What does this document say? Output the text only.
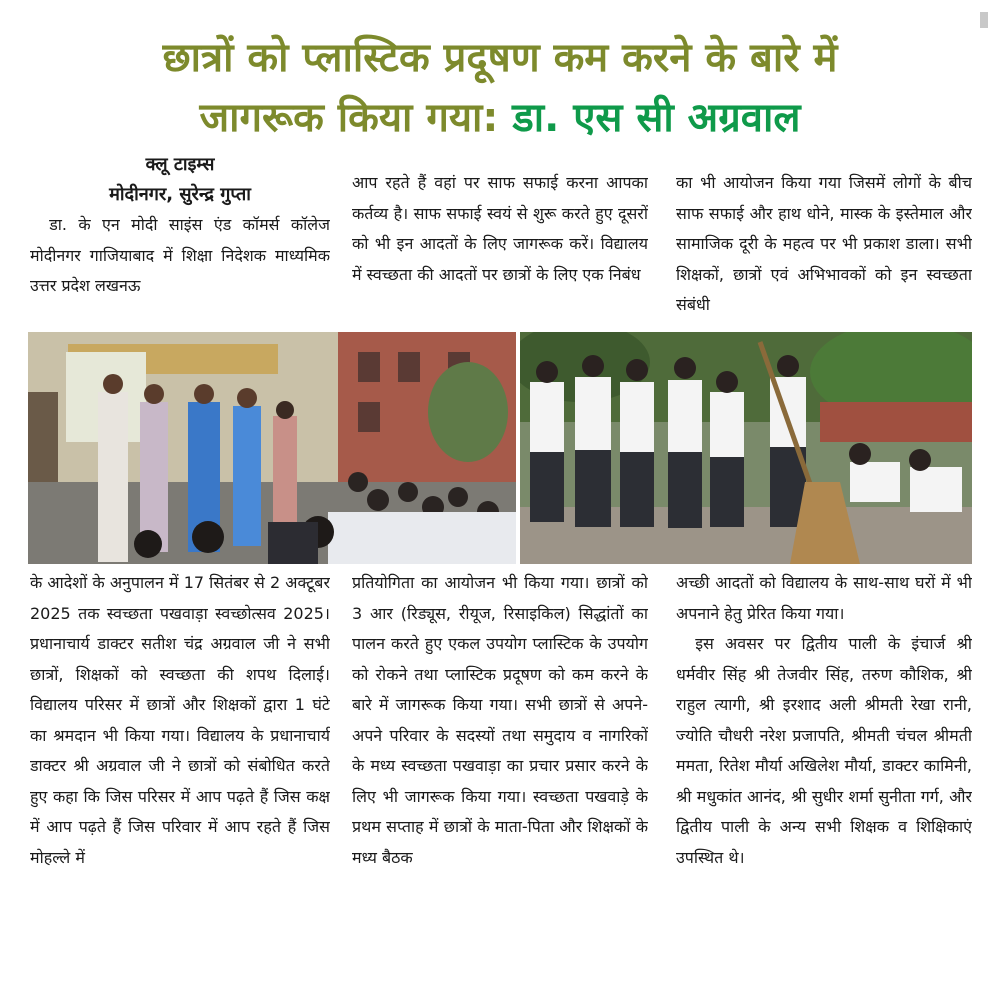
छात्रों को प्लास्टिक प्रदूषण कम करने के बारे में
जागरूक किया गया: डा. एस सी अग्रवाल
क्लू टाइम्स
मोदीनगर, सुरेन्द्र गुप्ता

डा. के एन मोदी साइंस एंड कॉमर्स कॉलेज मोदीनगर गाजियाबाद में शिक्षा निदेशक माध्यमिक उत्तर प्रदेश लखनऊ

आप रहते हैं वहां पर साफ सफाई करना आपका कर्तव्य है। साफ सफाई स्वयं से शुरू करते हुए दूसरों को भी इन आदतों के लिए जागरूक करें। विद्यालय में स्वच्छता की आदतों पर छात्रों के लिए एक निबंध

का भी आयोजन किया गया जिसमें लोगों के बीच साफ सफाई और हाथ धोने, मास्क के इस्तेमाल और सामाजिक दूरी के महत्व पर भी प्रकाश डाला। सभी शिक्षकों, छात्रों एवं अभिभावकों को इन स्वच्छता संबंधी

के आदेशों के अनुपालन में 17 सितंबर से 2 अक्टूबर 2025 तक स्वच्छता पखवाड़ा स्वच्छोत्सव 2025। प्रधानाचार्य डाक्टर सतीश चंद्र अग्रवाल जी ने सभी छात्रों, शिक्षकों को स्वच्छता की शपथ दिलाई। विद्यालय परिसर में छात्रों और शिक्षकों द्वारा 1 घंटे का श्रमदान भी किया गया। विद्यालय के प्रधानाचार्य डाक्टर श्री अग्रवाल जी ने छात्रों को संबोधित करते हुए कहा कि जिस परिसर में आप पढ़ते हैं जिस कक्ष में आप पढ़ते हैं जिस परिवार में आप रहते हैं जिस मोहल्ले में

प्रतियोगिता का आयोजन भी किया गया। छात्रों को 3 आर (रिड्यूस, रीयूज, रिसाइकिल) सिद्धांतों का पालन करते हुए एकल उपयोग प्लास्टिक के उपयोग को रोकने तथा प्लास्टिक प्रदूषण को कम करने के बारे में जागरूक किया गया। सभी छात्रों से अपने-अपने परिवार के सदस्यों तथा समुदाय व नागरिकों के मध्य स्वच्छता पखवाड़ा का प्रचार प्रसार करने के लिए भी जागरूक किया गया। स्वच्छता पखवाड़े के प्रथम सप्ताह में छात्रों के माता-पिता और शिक्षकों के मध्य बैठक

अच्छी आदतों को विद्यालय के साथ-साथ घरों में भी अपनाने हेतु प्रेरित किया गया।

इस अवसर पर द्वितीय पाली के इंचार्ज श्री धर्मवीर सिंह श्री तेजवीर सिंह, तरुण कौशिक, श्री राहुल त्यागी, श्री इरशाद अली श्रीमती रेखा रानी, ज्योति चौधरी नरेश प्रजापति, श्रीमती चंचल श्रीमती ममता, रितेश मौर्या अखिलेश मौर्या, डाक्टर कामिनी, श्री मधुकांत आनंद, श्री सुधीर शर्मा सुनीता गर्ग, और द्वितीय पाली के अन्य सभी शिक्षक व शिक्षिकाएं उपस्थित थे।
